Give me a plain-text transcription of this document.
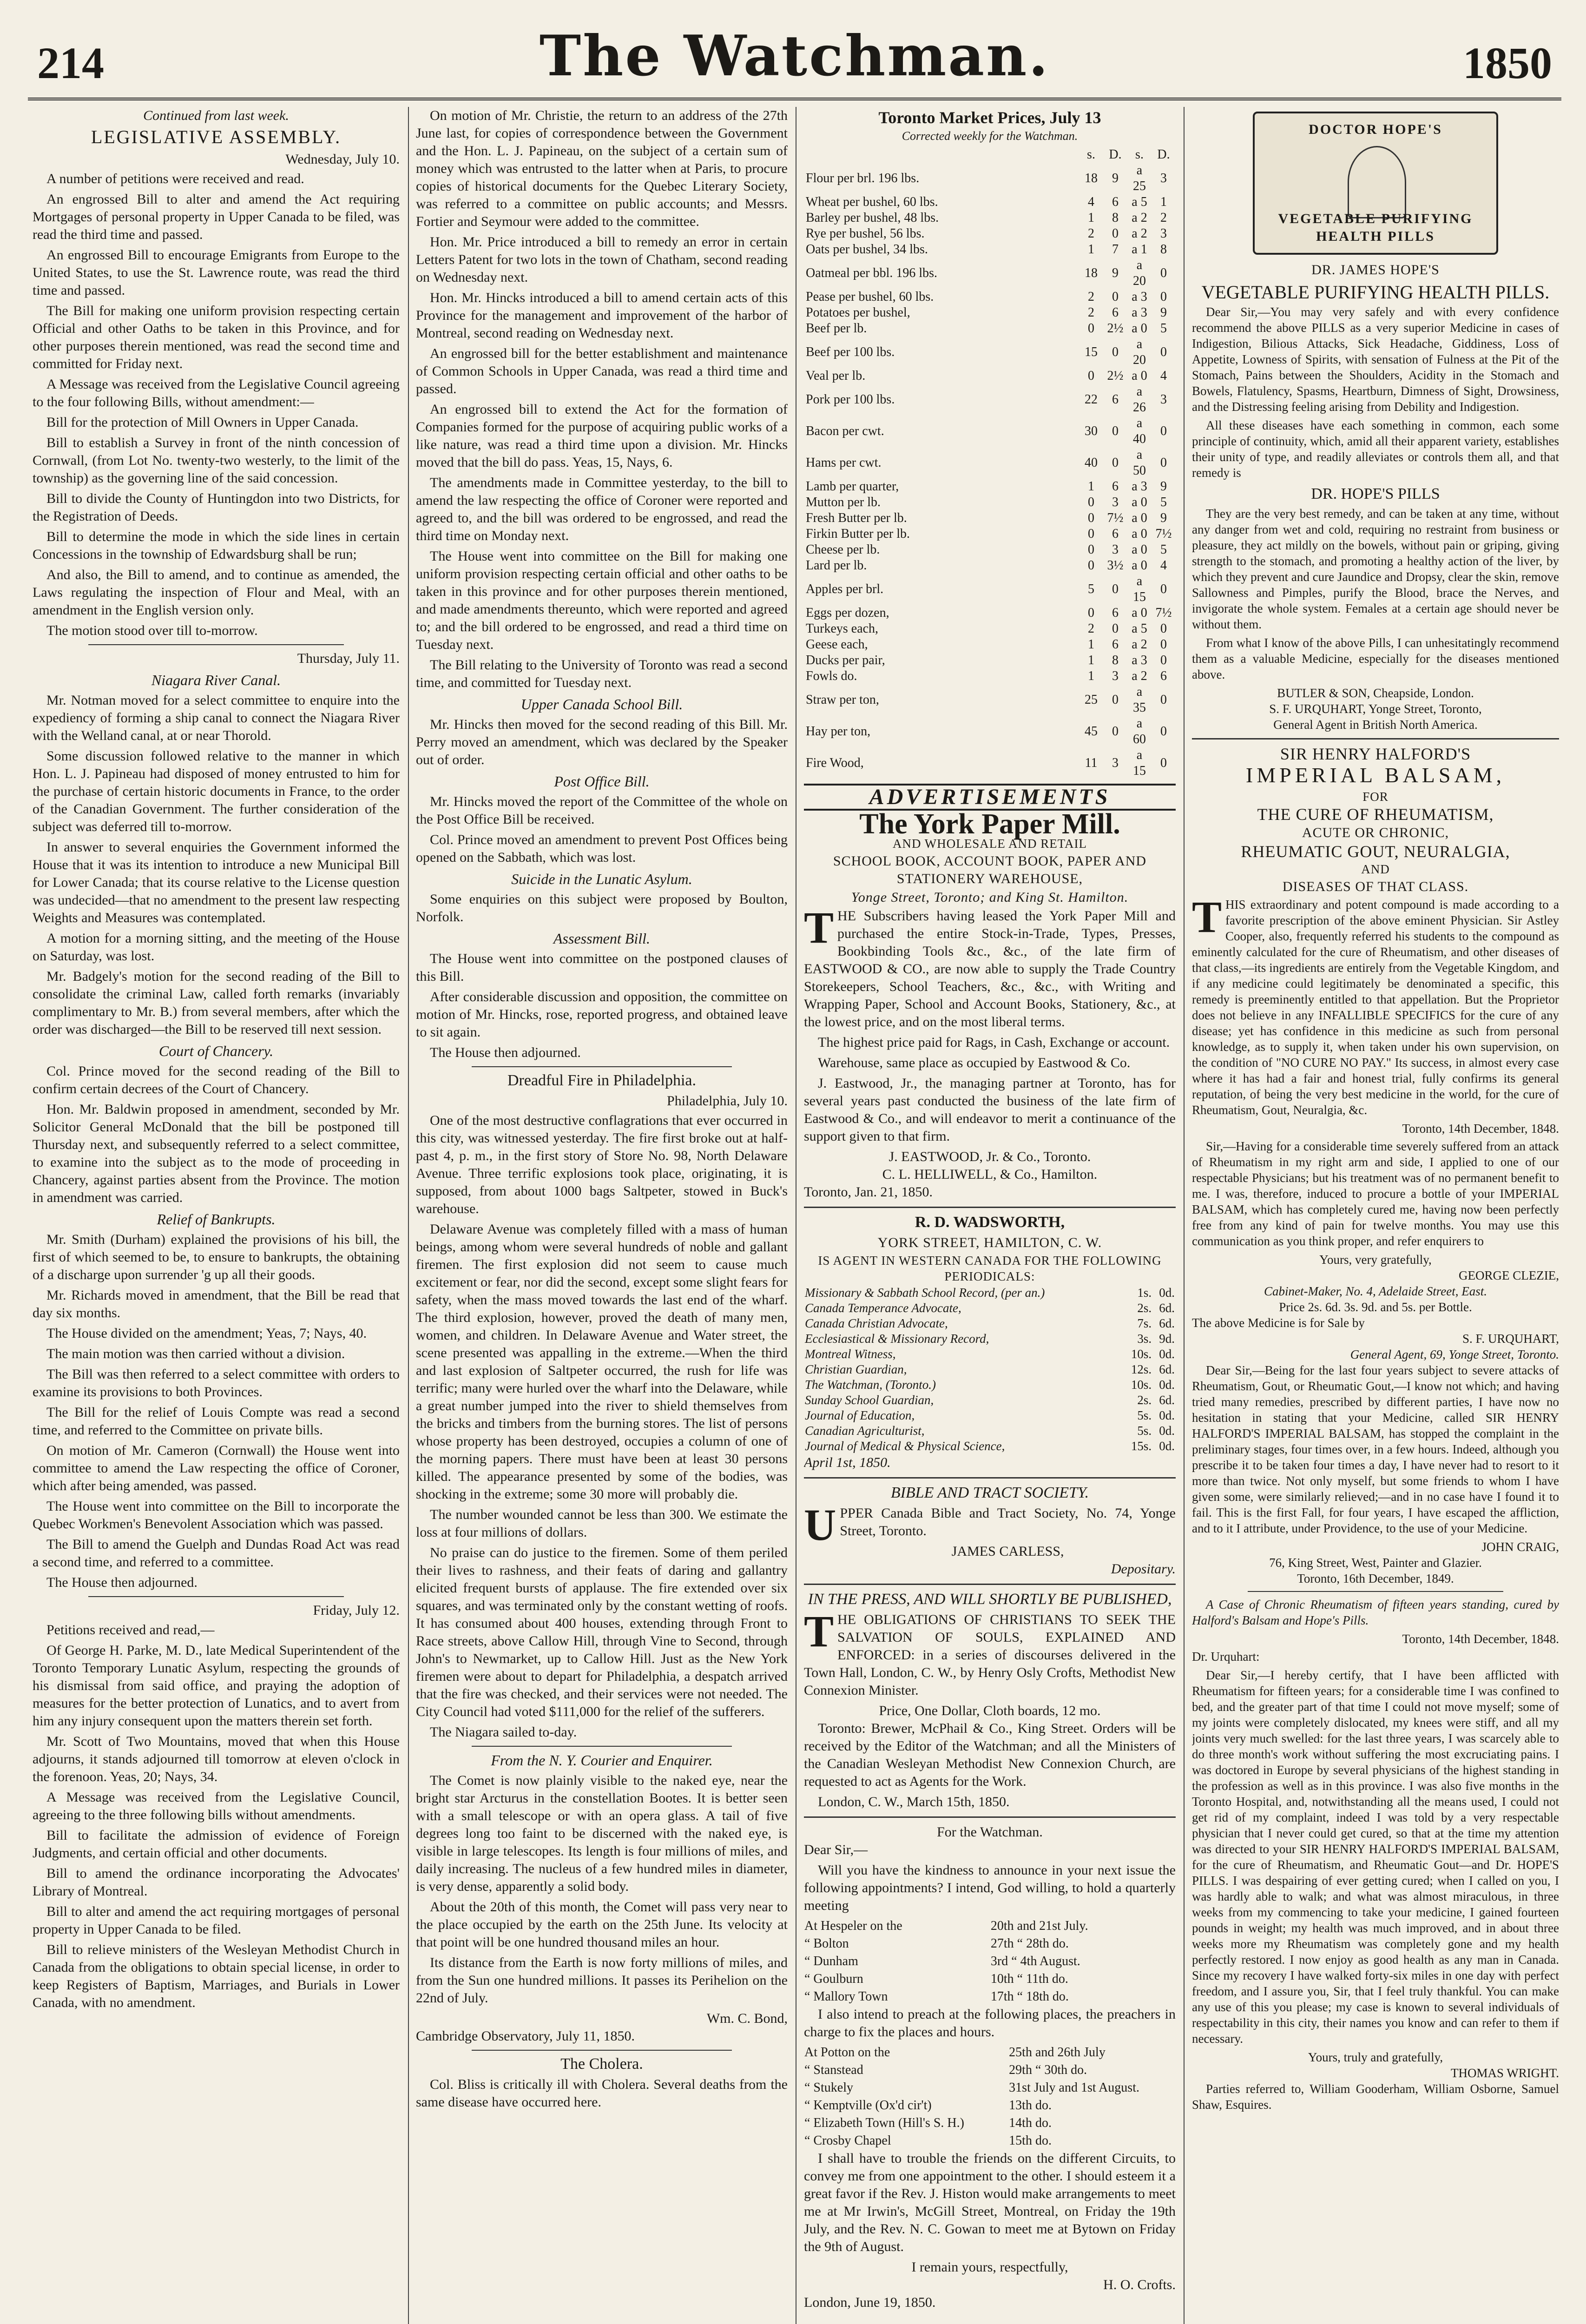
214	The Watchman.	1850
Continued from last week.
LEGISLATIVE ASSEMBLY.
Wednesday, July 10.

A number of petitions were received and read.

An engrossed Bill to alter and amend the Act requiring Mortgages of personal property in Upper Canada to be filed, was read the third time and passed.

An engrossed Bill to encourage Emigrants from Europe to the United States, to use the St. Lawrence route, was read the third time and passed.

The Bill for making one uniform provision respecting certain Official and other Oaths to be taken in this Province, and for other purposes therein mentioned, was read the second time and committed for Friday next.

A Message was received from the Legislative Council agreeing to the four following Bills, without amendment:—

Bill for the protection of Mill Owners in Upper Canada.

Bill to establish a Survey in front of the ninth concession of Cornwall, (from Lot No. twenty-two westerly, to the limit of the township) as the governing line of the said concession.

Bill to divide the County of Huntingdon into two Districts, for the Registration of Deeds.

Bill to determine the mode in which the side lines in certain Concessions in the township of Edwardsburg shall be run;

And also, the Bill to amend, and to continue as amended, the Laws regulating the inspection of Flour and Meal, with an amendment in the English version only.

The motion stood over till to-morrow.

Thursday, July 11.
Niagara River Canal.

Mr. Notman moved for a select committee to enquire into the expediency of forming a ship canal to connect the Niagara River with the Welland canal, at or near Thorold.

Some discussion followed relative to the manner in which Hon. L. J. Papineau had disposed of money entrusted to him for the purchase of certain historic documents in France, to the order of the Canadian Government. The further consideration of the subject was deferred till to-morrow.

In answer to several enquiries the Government informed the House that it was its intention to introduce a new Municipal Bill for Lower Canada; that its course relative to the License question was undecided—that no amendment to the present law respecting Weights and Measures was contemplated.

A motion for a morning sitting, and the meeting of the House on Saturday, was lost.

Mr. Badgely's motion for the second reading of the Bill to consolidate the criminal Law, called forth remarks (invariably complimentary to Mr. B.) from several members, after which the order was discharged—the Bill to be reserved till next session.

Court of Chancery.

Col. Prince moved for the second reading of the Bill to confirm certain decrees of the Court of Chancery.

Hon. Mr. Baldwin proposed in amendment, seconded by Mr. Solicitor General McDonald that the bill be postponed till Thursday next, and subsequently referred to a select committee, to examine into the subject as to the mode of proceeding in Chancery, against parties absent from the Province. The motion in amendment was carried.

Relief of Bankrupts.

Mr. Smith (Durham) explained the provisions of his bill, the first of which seemed to be, to ensure to bankrupts, the obtaining of a discharge upon surrender 'g up all their goods.

Mr. Richards moved in amendment, that the Bill be read that day six months.

The House divided on the amendment; Yeas, 7; Nays, 40.

The main motion was then carried without a division.

The Bill was then referred to a select committee with orders to examine its provisions to both Provinces.

The Bill for the relief of Louis Compte was read a second time, and referred to the Committee on private bills.

On motion of Mr. Cameron (Cornwall) the House went into committee to amend the Law respecting the office of Coroner, which after being amended, was passed.

The House went into committee on the Bill to incorporate the Quebec Workmen's Benevolent Association which was passed.

The Bill to amend the Guelph and Dundas Road Act was read a second time, and referred to a committee.

The House then adjourned.

Friday, July 12.

Petitions received and read,—

Of George H. Parke, M. D., late Medical Superintendent of the Toronto Temporary Lunatic Asylum, respecting the grounds of his dismissal from said office, and praying the adoption of measures for the better protection of Lunatics, and to avert from him any injury consequent upon the matters therein set forth.

Mr. Scott of Two Mountains, moved that when this House adjourns, it stands adjourned till tomorrow at eleven o'clock in the forenoon. Yeas, 20; Nays, 34.

A Message was received from the Legislative Council, agreeing to the three following bills without amendments.

Bill to facilitate the admission of evidence of Foreign Judgments, and certain official and other documents.

Bill to amend the ordinance incorporating the Advocates' Library of Montreal.

Bill to alter and amend the act requiring mortgages of personal property in Upper Canada to be filed.

Bill to relieve ministers of the Wesleyan Methodist Church in Canada from the obligations to obtain special license, in order to keep Registers of Baptism, Marriages, and Burials in Lower Canada, with no amendment.

On motion of Mr. Christie, the return to an address of the 27th June last, for copies of correspondence between the Government and the Hon. L. J. Papineau, on the subject of a certain sum of money which was entrusted to the latter when at Paris, to procure copies of historical documents for the Quebec Literary Society, was referred to a committee on public accounts; and Messrs. Fortier and Seymour were added to the committee.

Hon. Mr. Price introduced a bill to remedy an error in certain Letters Patent for two lots in the town of Chatham, second reading on Wednesday next.

Hon. Mr. Hincks introduced a bill to amend certain acts of this Province for the management and improvement of the harbor of Montreal, second reading on Wednesday next.

An engrossed bill for the better establishment and maintenance of Common Schools in Upper Canada, was read a third time and passed.

An engrossed bill to extend the Act for the formation of Companies formed for the purpose of acquiring public works of a like nature, was read a third time upon a division. Mr. Hincks moved that the bill do pass. Yeas, 15, Nays, 6.

The amendments made in Committee yesterday, to the bill to amend the law respecting the office of Coroner were reported and agreed to, and the bill was ordered to be engrossed, and read the third time on Monday next.

The House went into committee on the Bill for making one uniform provision respecting certain official and other oaths to be taken in this province and for other purposes therein mentioned, and made amendments thereunto, which were reported and agreed to; and the bill ordered to be engrossed, and read a third time on Tuesday next.

The Bill relating to the University of Toronto was read a second time, and committed for Tuesday next.

Upper Canada School Bill.

Mr. Hincks then moved for the second reading of this Bill. Mr. Perry moved an amendment, which was declared by the Speaker out of order.

Post Office Bill.

Mr. Hincks moved the report of the Committee of the whole on the Post Office Bill be received.

Col. Prince moved an amendment to prevent Post Offices being opened on the Sabbath, which was lost.

Suicide in the Lunatic Asylum.

Some enquiries on this subject were proposed by Boulton, Norfolk.

Assessment Bill.

The House went into committee on the postponed clauses of this Bill.

After considerable discussion and opposition, the committee on motion of Mr. Hincks, rose, reported progress, and obtained leave to sit again.

The House then adjourned.

Dreadful Fire in Philadelphia.
Philadelphia, July 10.

One of the most destructive conflagrations that ever occurred in this city, was witnessed yesterday. The fire first broke out at half-past 4, p. m., in the first story of Store No. 98, North Delaware Avenue. Three terrific explosions took place, originating, it is supposed, from about 1000 bags Saltpeter, stowed in Buck's warehouse.

Delaware Avenue was completely filled with a mass of human beings, among whom were several hundreds of noble and gallant firemen. The first explosion did not seem to cause much excitement or fear, nor did the second, except some slight fears for safety, when the mass moved towards the last end of the wharf. The third explosion, however, proved the death of many men, women, and children. In Delaware Avenue and Water street, the scene presented was appalling in the extreme.—When the third and last explosion of Saltpeter occurred, the rush for life was terrific; many were hurled over the wharf into the Delaware, while a great number jumped into the river to shield themselves from the bricks and timbers from the burning stores. The list of persons whose property has been destroyed, occupies a column of one of the morning papers. There must have been at least 30 persons killed. The appearance presented by some of the bodies, was shocking in the extreme; some 30 more will probably die.

The number wounded cannot be less than 300. We estimate the loss at four millions of dollars.

No praise can do justice to the firemen. Some of them periled their lives to rashness, and their feats of daring and gallantry elicited frequent bursts of applause. The fire extended over six squares, and was terminated only by the constant wetting of roofs. It has consumed about 400 houses, extending through Front to Race streets, above Callow Hill, through Vine to Second, through John's to Newmarket, up to Callow Hill. Just as the New York firemen were about to depart for Philadelphia, a despatch arrived that the fire was checked, and their services were not needed. The City Council had voted $111,000 for the relief of the sufferers.

The Niagara sailed to-day.

From the N. Y. Courier and Enquirer.

The Comet is now plainly visible to the naked eye, near the bright star Arcturus in the constellation Bootes. It is better seen with a small telescope or with an opera glass. A tail of five degrees long too faint to be discerned with the naked eye, is visible in large telescopes. Its length is four millions of miles, and daily increasing. The nucleus of a few hundred miles in diameter, is very dense, apparently a solid body.

About the 20th of this month, the Comet will pass very near to the place occupied by the earth on the 25th June. Its velocity at that point will be one hundred thousand miles an hour.

Its distance from the Earth is now forty millions of miles, and from the Sun one hundred millions. It passes its Perihelion on the 22nd of July.

Wm. C. Bond,

Cambridge Observatory, July 11, 1850.

The Cholera.

Col. Bliss is critically ill with Cholera. Several deaths from the same disease have occurred here.

Toronto Market Prices, July 13
Corrected weekly for the Watchman.
	s.	D.	s.	D.
Flour per brl. 196 lbs.	18	9	a 25	3
Wheat per bushel, 60 lbs.	4	6	a 5	1
Barley per bushel, 48 lbs.	1	8	a 2	2
Rye per bushel, 56 lbs.	2	0	a 2	3
Oats per bushel, 34 lbs.	1	7	a 1	8
Oatmeal per bbl. 196 lbs.	18	9	a 20	0
Pease per bushel, 60 lbs.	2	0	a 3	0
Potatoes per bushel,	2	6	a 3	9
Beef per lb.	0	2½	a 0	5
Beef per 100 lbs.	15	0	a 20	0
Veal per lb.	0	2½	a 0	4
Pork per 100 lbs.	22	6	a 26	3
Bacon per cwt.	30	0	a 40	0
Hams per cwt.	40	0	a 50	0
Lamb per quarter,	1	6	a 3	9
Mutton per lb.	0	3	a 0	5
Fresh Butter per lb.	0	7½	a 0	9
Firkin Butter per lb.	0	6	a 0	7½
Cheese per lb.	0	3	a 0	5
Lard per lb.	0	3½	a 0	4
Apples per brl.	5	0	a 15	0
Eggs per dozen,	0	6	a 0	7½
Turkeys each,	2	0	a 5	0
Geese each,	1	6	a 2	0
Ducks per pair,	1	8	a 3	0
Fowls do.	1	3	a 2	6
Straw per ton,	25	0	a 35	0
Hay per ton,	45	0	a 60	0
Fire Wood,	11	3	a 15	0
ADVERTISEMENTS
The York Paper Mill.
AND WHOLESALE AND RETAIL
SCHOOL BOOK, ACCOUNT BOOK, PAPER AND STATIONERY WAREHOUSE,
Yonge Street, Toronto; and King St. Hamilton.

THE Subscribers having leased the York Paper Mill and purchased the entire Stock-in-Trade, Types, Presses, Bookbinding Tools &c., &c., of the late firm of EASTWOOD & CO., are now able to supply the Trade Country Storekeepers, School Teachers, &c., &c., with Writing and Wrapping Paper, School and Account Books, Stationery, &c., at the lowest price, and on the most liberal terms.

The highest price paid for Rags, in Cash, Exchange or account.

Warehouse, same place as occupied by Eastwood & Co.

J. Eastwood, Jr., the managing partner at Toronto, has for several years past conducted the business of the late firm of Eastwood & Co., and will endeavor to merit a continuance of the support given to that firm.

J. EASTWOOD, Jr. & Co., Toronto.
C. L. HELLIWELL, & Co., Hamilton.

Toronto, Jan. 21, 1850.

R. D. WADSWORTH,
YORK STREET, HAMILTON, C. W.
IS AGENT IN WESTERN CANADA FOR THE FOLLOWING PERIODICALS:
Missionary & Sabbath School Record, (per an.)	1s.	0d.
Canada Temperance Advocate,	2s.	6d.
Canada Christian Advocate,	7s.	6d.
Ecclesiastical & Missionary Record,	3s.	9d.
Montreal Witness,	10s.	0d.
Christian Guardian,	12s.	6d.
The Watchman, (Toronto.)	10s.	0d.
Sunday School Guardian,	2s.	6d.
Journal of Education,	5s.	0d.
Canadian Agriculturist,	5s.	0d.
Journal of Medical & Physical Science,	15s.	0d.

April 1st, 1850.

BIBLE AND TRACT SOCIETY.

UPPER Canada Bible and Tract Society, No. 74, Yonge Street, Toronto.

JAMES CARLESS,
Depositary.
IN THE PRESS, AND WILL SHORTLY BE PUBLISHED,

THE OBLIGATIONS OF CHRISTIANS TO SEEK THE SALVATION OF SOULS, EXPLAINED AND ENFORCED: in a series of discourses delivered in the Town Hall, London, C. W., by Henry Osly Crofts, Methodist New Connexion Minister.

Price, One Dollar, Cloth boards, 12 mo.

Toronto: Brewer, McPhail & Co., King Street. Orders will be received by the Editor of the Watchman; and all the Ministers of the Canadian Wesleyan Methodist New Connexion Church, are requested to act as Agents for the Work.

London, C. W., March 15th, 1850.

For the Watchman.

Dear Sir,—

Will you have the kindness to announce in your next issue the following appointments? I intend, God willing, to hold a quarterly meeting

At Hespeler on the	20th and 21st July.
“ Bolton	27th “ 28th do.
“ Dunham	3rd “ 4th August.
“ Goulburn	10th “ 11th do.
“ Mallory Town	17th “ 18th do.

I also intend to preach at the following places, the preachers in charge to fix the places and hours.

At Potton on the	25th and 26th July
“ Stanstead	29th “ 30th do.
“ Stukely	31st July and 1st August.
“ Kemptville (Ox'd cir't)	13th do.
“ Elizabeth Town (Hill's S. H.)	14th do.
“ Crosby Chapel	15th do.

I shall have to trouble the friends on the different Circuits, to convey me from one appointment to the other. I should esteem it a great favor if the Rev. J. Histon would make arrangements to meet me at Mr Irwin's, McGill Street, Montreal, on Friday the 19th July, and the Rev. N. C. Gowan to meet me at Bytown on Friday the 9th of August.

I remain yours, respectfully,
H. O. Crofts.

London, June 19, 1850.

DOCTOR HOPE'S
VEGETABLE PURIFYING HEALTH PILLS
DR. JAMES HOPE'S
VEGETABLE PURIFYING HEALTH PILLS.

Dear Sir,—You may very safely and with every confidence recommend the above PILLS as a very superior Medicine in cases of Indigestion, Bilious Attacks, Sick Headache, Giddiness, Loss of Appetite, Lowness of Spirits, with sensation of Fulness at the Pit of the Stomach, Pains between the Shoulders, Acidity in the Stomach and Bowels, Flatulency, Spasms, Heartburn, Dimness of Sight, Drowsiness, and the Distressing feeling arising from Debility and Indigestion.

All these diseases have each something in common, each some principle of continuity, which, amid all their apparent variety, establishes their unity of type, and readily alleviates or controls them all, and that remedy is

DR. HOPE'S PILLS

They are the very best remedy, and can be taken at any time, without any danger from wet and cold, requiring no restraint from business or pleasure, they act mildly on the bowels, without pain or griping, giving strength to the stomach, and promoting a healthy action of the liver, by which they prevent and cure Jaundice and Dropsy, clear the skin, remove Sallowness and Pimples, purify the Blood, brace the Nerves, and invigorate the whole system. Females at a certain age should never be without them.

From what I know of the above Pills, I can unhesitatingly recommend them as a valuable Medicine, especially for the diseases mentioned above.

BUTLER & SON, Cheapside, London.
S. F. URQUHART, Yonge Street, Toronto,
General Agent in British North America.
SIR HENRY HALFORD'S
IMPERIAL BALSAM,
FOR
THE CURE OF RHEUMATISM,
ACUTE OR CHRONIC,
RHEUMATIC GOUT, NEURALGIA,
AND
DISEASES OF THAT CLASS.

THIS extraordinary and potent compound is made according to a favorite prescription of the above eminent Physician. Sir Astley Cooper, also, frequently referred his students to the compound as eminently calculated for the cure of Rheumatism, and other diseases of that class,—its ingredients are entirely from the Vegetable Kingdom, and if any medicine could legitimately be denominated a specific, this remedy is preeminently entitled to that appellation. But the Proprietor does not believe in any INFALLIBLE SPECIFICS for the cure of any disease; yet has confidence in this medicine as such from personal knowledge, as to supply it, when taken under his own supervision, on the condition of "NO CURE NO PAY." Its success, in almost every case where it has had a fair and honest trial, fully confirms its general reputation, of being the very best medicine in the world, for the cure of Rheumatism, Gout, Neuralgia, &c.

Toronto, 14th December, 1848.

Sir,—Having for a considerable time severely suffered from an attack of Rheumatism in my right arm and side, I applied to one of our respectable Physicians; but his treatment was of no permanent benefit to me. I was, therefore, induced to procure a bottle of your IMPERIAL BALSAM, which has completely cured me, having now been perfectly free from any kind of pain for twelve months. You may use this communication as you think proper, and refer enquirers to

Yours, very gratefully,
GEORGE CLEZIE,
Cabinet-Maker, No. 4, Adelaide Street, East.
Price 2s. 6d. 3s. 9d. and 5s. per Bottle.
The above Medicine is for Sale by
S. F. URQUHART,
General Agent, 69, Yonge Street, Toronto.

Dear Sir,—Being for the last four years subject to severe attacks of Rheumatism, Gout, or Rheumatic Gout,—I know not which; and having tried many remedies, prescribed by different parties, I have now no hesitation in stating that your Medicine, called SIR HENRY HALFORD'S IMPERIAL BALSAM, has stopped the complaint in the preliminary stages, four times over, in a few hours. Indeed, although you prescribe it to be taken four times a day, I have never had to resort to it more than twice. Not only myself, but some friends to whom I have given some, were similarly relieved;—and in no case have I found it to fail. This is the first Fall, for four years, I have escaped the affliction, and to it I attribute, under Providence, to the use of your Medicine.

JOHN CRAIG,
76, King Street, West, Painter and Glazier.
Toronto, 16th December, 1849.

A Case of Chronic Rheumatism of fifteen years standing, cured by Halford's Balsam and Hope's Pills.

Toronto, 14th December, 1848.

Dr. Urquhart:

Dear Sir,—I hereby certify, that I have been afflicted with Rheumatism for fifteen years; for a considerable time I was confined to bed, and the greater part of that time I could not move myself; some of my joints were completely dislocated, my knees were stiff, and all my joints very much swelled: for the last three years, I was scarcely able to do three month's work without suffering the most excruciating pains. I was doctored in Europe by several physicians of the highest standing in the profession as well as in this province. I was also five months in the Toronto Hospital, and, notwithstanding all the means used, I could not get rid of my complaint, indeed I was told by a very respectable physician that I never could get cured, so that at the time my attention was directed to your SIR HENRY HALFORD'S IMPERIAL BALSAM, for the cure of Rheumatism, and Rheumatic Gout—and Dr. HOPE'S PILLS. I was despairing of ever getting cured; when I called on you, I was hardly able to walk; and what was almost miraculous, in three weeks from my commencing to take your medicine, I gained fourteen pounds in weight; my health was much improved, and in about three weeks more my Rheumatism was completely gone and my health perfectly restored. I now enjoy as good health as any man in Canada. Since my recovery I have walked forty-six miles in one day with perfect freedom, and I assure you, Sir, that I feel truly thankful. You can make any use of this you please; my case is known to several individuals of respectability in this city, their names you know and can refer to them if necessary.

Yours, truly and gratefully,
THOMAS WRIGHT.

Parties referred to, William Gooderham, William Osborne, Samuel Shaw, Esquires.
